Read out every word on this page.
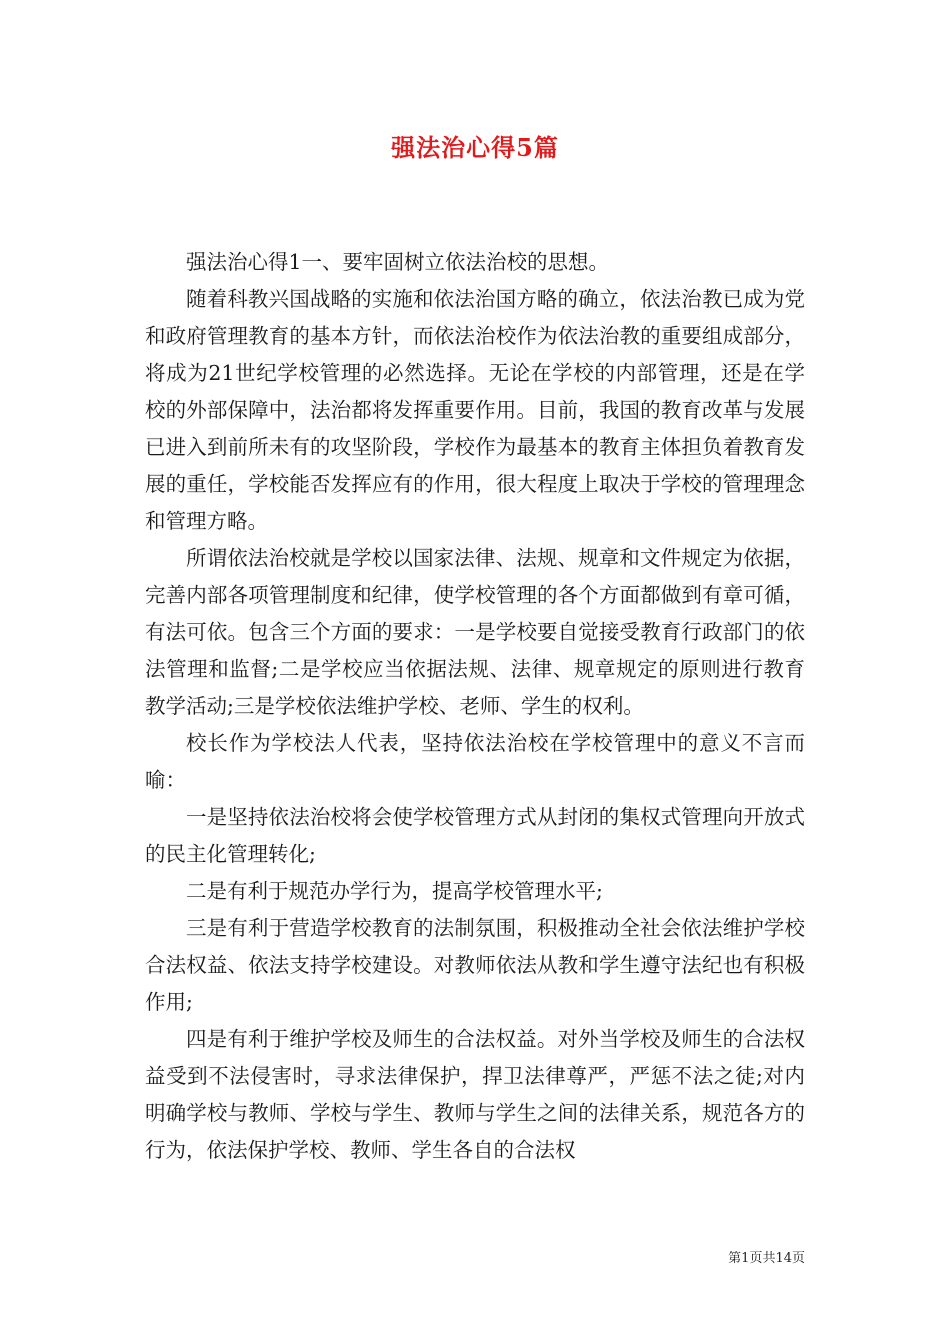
强法治心得5篇

强法治心得1一、要牢固树立依法治校的思想。

随着科教兴国战略的实施和依法治国方略的确立，依法治教已成为党和政府管理教育的基本方针，而依法治校作为依法治教的重要组成部分，将成为21世纪学校管理的必然选择。无论在学校的内部管理，还是在学校的外部保障中，法治都将发挥重要作用。目前，我国的教育改革与发展已进入到前所未有的攻坚阶段，学校作为最基本的教育主体担负着教育发展的重任，学校能否发挥应有的作用，很大程度上取决于学校的管理理念和管理方略。

所谓依法治校就是学校以国家法律、法规、规章和文件规定为依据，完善内部各项管理制度和纪律，使学校管理的各个方面都做到有章可循，有法可依。包含三个方面的要求：一是学校要自觉接受教育行政部门的依法管理和监督;二是学校应当依据法规、法律、规章规定的原则进行教育教学活动;三是学校依法维护学校、老师、学生的权利。

校长作为学校法人代表，坚持依法治校在学校管理中的意义不言而喻：

一是坚持依法治校将会使学校管理方式从封闭的集权式管理向开放式的民主化管理转化;

二是有利于规范办学行为，提高学校管理水平;

三是有利于营造学校教育的法制氛围，积极推动全社会依法维护学校合法权益、依法支持学校建设。对教师依法从教和学生遵守法纪也有积极作用;

四是有利于维护学校及师生的合法权益。对外当学校及师生的合法权益受到不法侵害时，寻求法律保护，捍卫法律尊严，严惩不法之徒;对内明确学校与教师、学校与学生、教师与学生之间的法律关系，规范各方的行为，依法保护学校、教师、学生各自的合法权

第1页共14页
